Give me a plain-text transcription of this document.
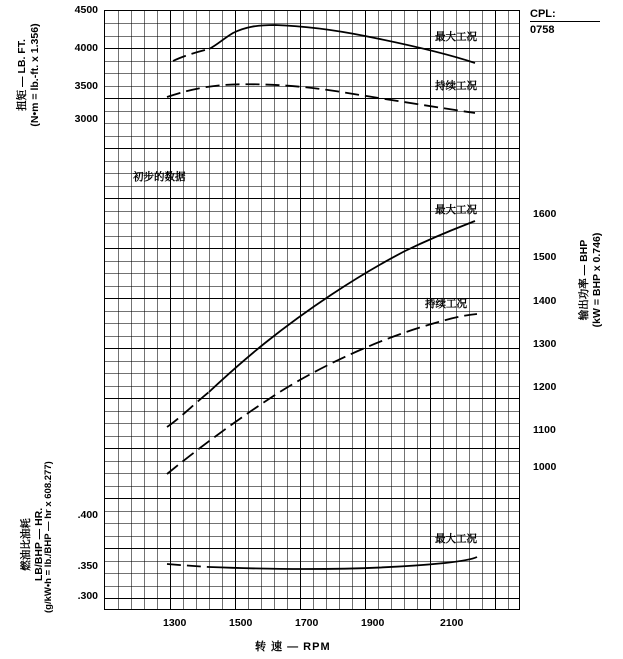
CPL:
0758
扭矩 — LB. FT. (N•m = lb.-ft. x 1.356)
燃油比油耗 LB/BHP — HR.
(g/kW•h = lb./BHP — hr x 608.277)
输出功率 — BHP (kW = BHP x 0.746)
4500
4000
3500
3000
.400
.350
.300
1600
1500
1400
1300
1200
1100
1000
1300	1500	1700	1900	2100
转 速 — RPM
初步的数据
最大工况
持续工况
最大工况
持续工况
最大工况
